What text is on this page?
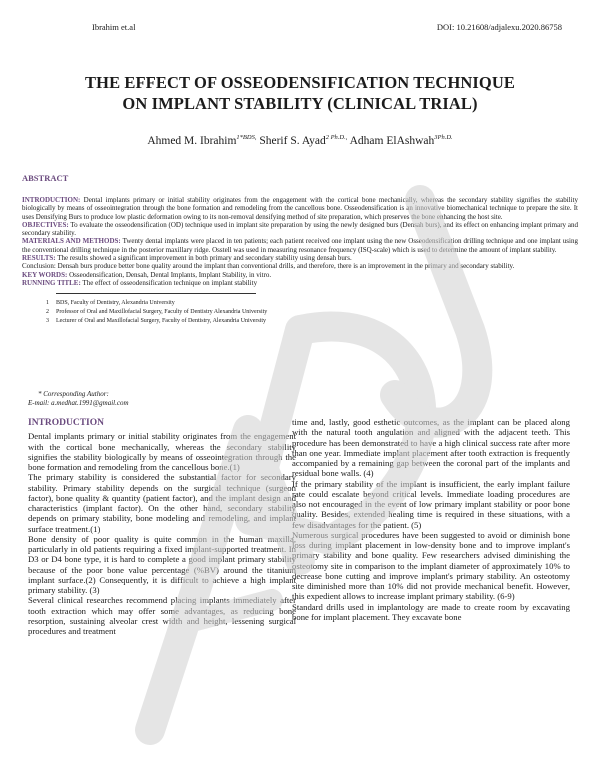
Ibrahim et.al	DOI: 10.21608/adjalexu.2020.86758
THE EFFECT OF OSSEODENSIFICATION TECHNIQUE
ON IMPLANT STABILITY (CLINICAL TRIAL)
Ahmed M. Ibrahim$^{1*BDS,}$ Sherif S. Ayad$^{2 Ph.D.,}$ Adham ElAshwah$^{3Ph.D.}$
ABSTRACT

INTRODUCTION: Dental implants primary or initial stability originates from the engagement with the cortical bone mechanically, whereas the secondary stability signifies the stability biologically by means of osseointegration through the bone formation and remodeling from the cancellous bone. Osseodensification is an innovative biomechanical technique to prepare the site. It uses Densifying Burs to produce low plastic deformation owing to its non-removal densifying method of site preparation, which preserves the bone enhancing the host site.

OBJECTIVES: To evaluate the osseodensification (OD) technique used in implant site preparation by using the newly designed burs (Densah burs), and its effect on enhancing implant primary and secondary stability.

MATERIALS AND METHODS: Twenty dental implants were placed in ten patients; each patient received one implant using the new Osseodensification drilling technique and one implant using the conventional drilling technique in the posterior maxillary ridge. Osstell was used in measuring resonance frequency (ISQ-scale) which is used to determine the amount of implant stability.

RESULTS: The results showed a significant improvement in both primary and secondary stability using densah burs.

Conclusion: Densah burs produce better bone quality around the implant than conventional drills, and therefore, there is an improvement in the primary and secondary stability.

KEY WORDS: Osseodensification, Densah, Dental Implants, Implant Stability, in vitro.

RUNNING TITLE: The effect of osseodensification technique on implant stability

1 BDS, Faculty of Dentistry, Alexandria University
2 Professor of Oral and Maxillofacial Surgery, Faculty of Dentistry Alexandria University
3 Lecturer of Oral and Maxillofacial Surgery, Faculty of Dentistry, Alexandria University
* Corresponding Author:
E-mail: a.medhat.1991@gmail.com

INTRODUCTION

Dental implants primary or initial stability originates from the engagement with the cortical bone mechanically, whereas the secondary stability signifies the stability biologically by means of osseointegration through the bone formation and remodeling from the cancellous bone.(1)

The primary stability is considered the substantial factor for secondary stability. Primary stability depends on the surgical technique (surgeon factor), bone quality & quantity (patient factor), and the implant design and characteristics (implant factor). On the other hand, secondary stability depends on primary stability, bone modeling and remodeling, and implant surface treatment.(1)

Bone density of poor quality is quite common in the human maxilla, particularly in old patients requiring a fixed implant-supported treatment. In D3 or D4 bone type, it is hard to complete a good implant primary stability because of the poor bone value percentage (%BV) around the titanium implant surface.(2) Consequently, it is difficult to achieve a high implant primary stability. (3)

Several clinical researches recommend placing implants immediately after tooth extraction which may offer some advantages, as reducing bone resorption, sustaining alveolar crest width and height, lessening surgical procedures and treatment

time and, lastly, good esthetic outcomes, as the implant can be placed along with the natural tooth angulation and aligned with the adjacent teeth. This procedure has been demonstrated to have a high clinical success rate after more than one year. Immediate implant placement after tooth extraction is frequently accompanied by a remaining gap between the coronal part of the implants and residual bone walls. (4)

If the primary stability of the implant is insufficient, the early implant failure rate could escalate beyond critical levels. Immediate loading procedures are also not encouraged in the event of low primary implant stability or poor bone quality. Besides, extended healing time is required in these situations, with a few disadvantages for the patient. (5)

Numerous surgical procedures have been suggested to avoid or diminish bone loss during implant placement in low-density bone and to improve implant's primary stability and bone quality. Few researchers advised diminishing the osteotomy site in comparison to the implant diameter of approximately 10% to decrease bone cutting and improve implant's primary stability. An osteotomy site diminished more than 10% did not provide mechanical benefit. However, this expedient allows to increase implant primary stability. (6-9)

Standard drills used in implantology are made to create room by excavating bone for implant placement. They excavate bone
